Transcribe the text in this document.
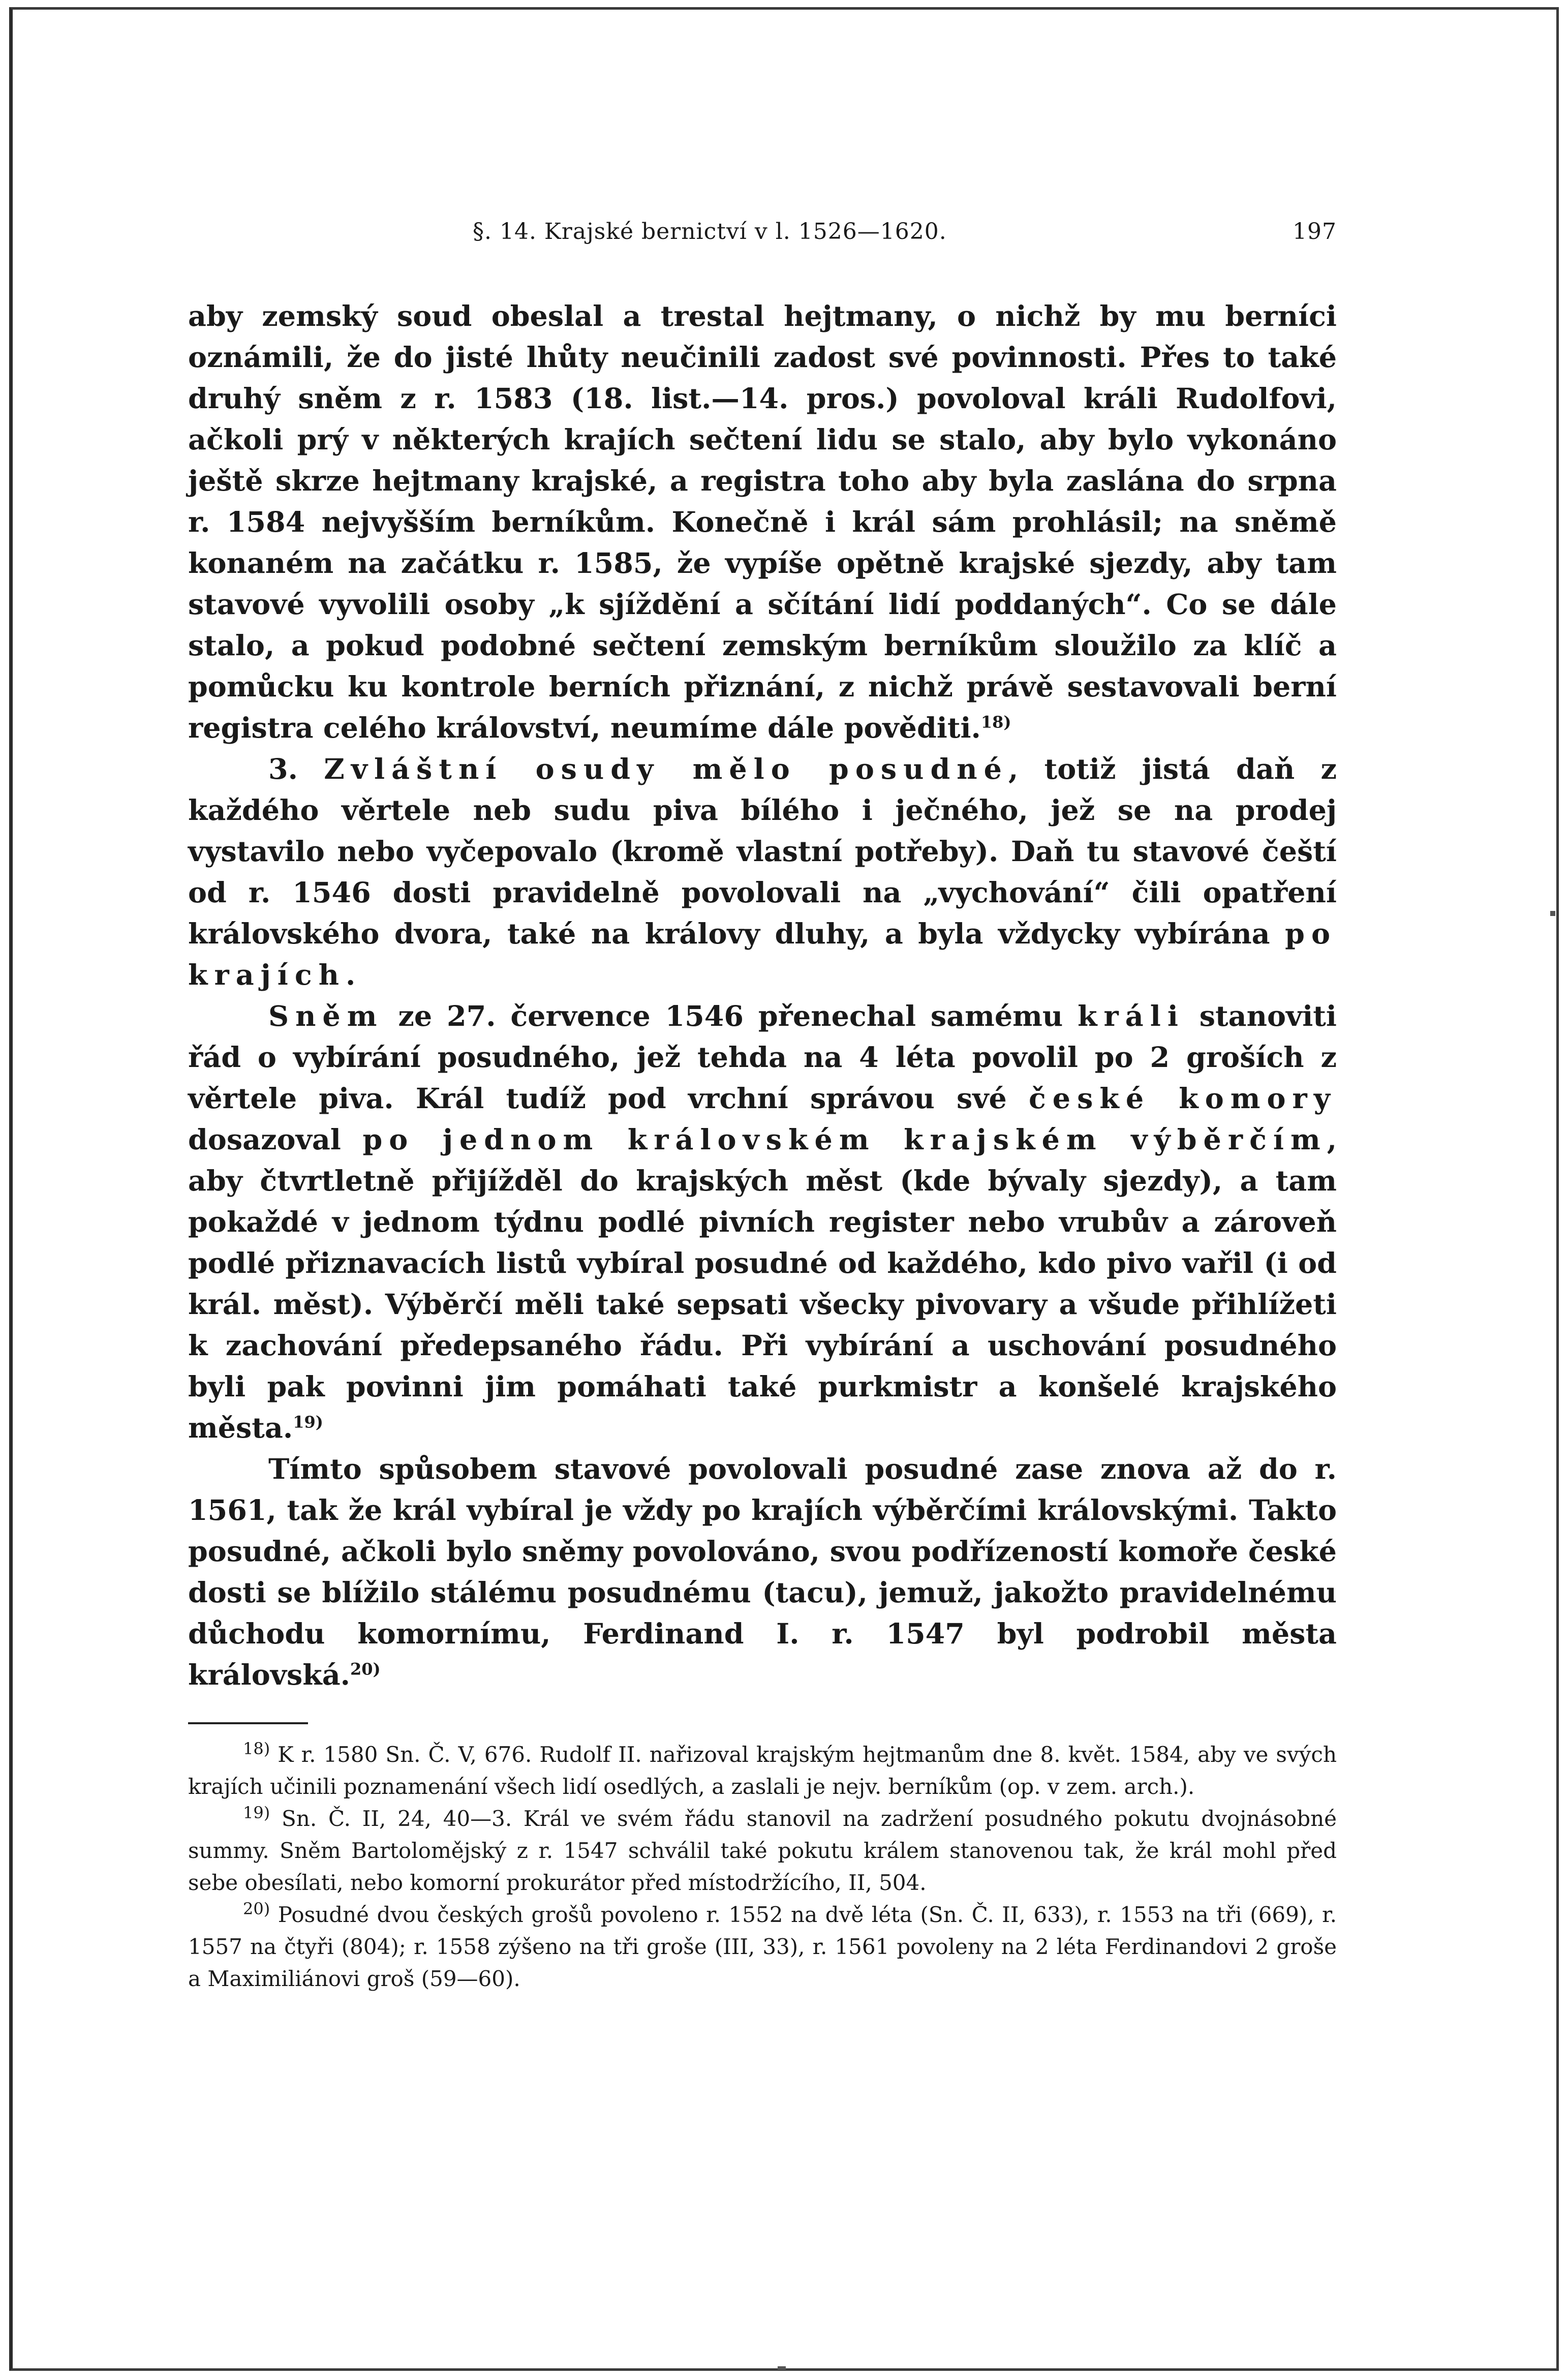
§. 14. Krajské bernictví v l. 1526—1620.	197

aby zemský soud obeslal a trestal hejtmany, o nichž by mu berníci oznámili, že do jisté lhůty neučinili zadost své povinnosti. Přes to také druhý sněm z r. 1583 (18. list.—14. pros.) povoloval králi Rudolfovi, ačkoli prý v některých krajích sečtení lidu se stalo, aby bylo vykonáno ještě skrze hejtmany krajské, a registra toho aby byla zaslána do srpna r. 1584 nejvyšším berníkům. Konečně i král sám prohlásil; na sněmě konaném na začátku r. 1585, že vypíše opětně krajské sjezdy, aby tam stavové vyvolili osoby „k sjíždění a sčítání lidí poddaných“. Co se dále stalo, a pokud podobné sečtení zemským berníkům sloužilo za klíč a pomůcku ku kontrole berních přiznání, z nichž právě sestavovali berní registra celého království, neumíme dále pověditi.$^{18)}$

3. Zvláštní osudy mělo posudné, totiž jistá daň z každého věrtele neb sudu piva bílého i ječného, jež se na prodej vystavilo nebo vyčepovalo (kromě vlastní potřeby). Daň tu stavové čeští od r. 1546 dosti pravidelně povolovali na „vychování“ čili opatření královského dvora, také na královy dluhy, a byla vždycky vybírána po krajích.

Sněm ze 27. července 1546 přenechal samému králi stanoviti řád o vybírání posudného, jež tehda na 4 léta povolil po 2 groších z věrtele piva. Král tudíž pod vrchní správou své české komory dosazoval po jednom královském krajském výběrčím, aby čtvrtletně přijížděl do krajských měst (kde bývaly sjezdy), a tam pokaždé v jednom týdnu podlé pivních register nebo vrubův a zároveň podlé přiznavacích listů vybíral posudné od každého, kdo pivo vařil (i od král. měst). Výběrčí měli také sepsati všecky pivovary a všude přihlížeti k zachování předepsaného řádu. Při vybírání a uschování posudného byli pak povinni jim pomáhati také purkmistr a konšelé krajského města.$^{19)}$

Tímto spůsobem stavové povolovali posudné zase znova až do r. 1561, tak že král vybíral je vždy po krajích výběrčími královskými. Takto posudné, ačkoli bylo sněmy povolováno, svou podřízeností komoře české dosti se blížilo stálému posudnému (tacu), jemuž, jakožto pravidelnému důchodu komornímu, Ferdinand I. r. 1547 byl podrobil města královská.$^{20)}$

$^{18)}$ K r. 1580 Sn. Č. V, 676. Rudolf II. nařizoval krajským hejtmanům dne 8. květ. 1584, aby ve svých krajích učinili poznamenání všech lidí osedlých, a zaslali je nejv. berníkům (op. v zem. arch.).

$^{19)}$ Sn. Č. II, 24, 40—3. Král ve svém řádu stanovil na zadržení posudného pokutu dvojnásobné summy. Sněm Bartolomějský z r. 1547 schválil také pokutu králem stanovenou tak, že král mohl před sebe obesílati, nebo komorní prokurátor před místodržícího, II, 504.

$^{20)}$ Posudné dvou českých grošů povoleno r. 1552 na dvě léta (Sn. Č. II, 633), r. 1553 na tři (669), r. 1557 na čtyři (804); r. 1558 zýšeno na tři groše (III, 33), r. 1561 povoleny na 2 léta Ferdinandovi 2 groše a Maximiliánovi groš (59—60).
